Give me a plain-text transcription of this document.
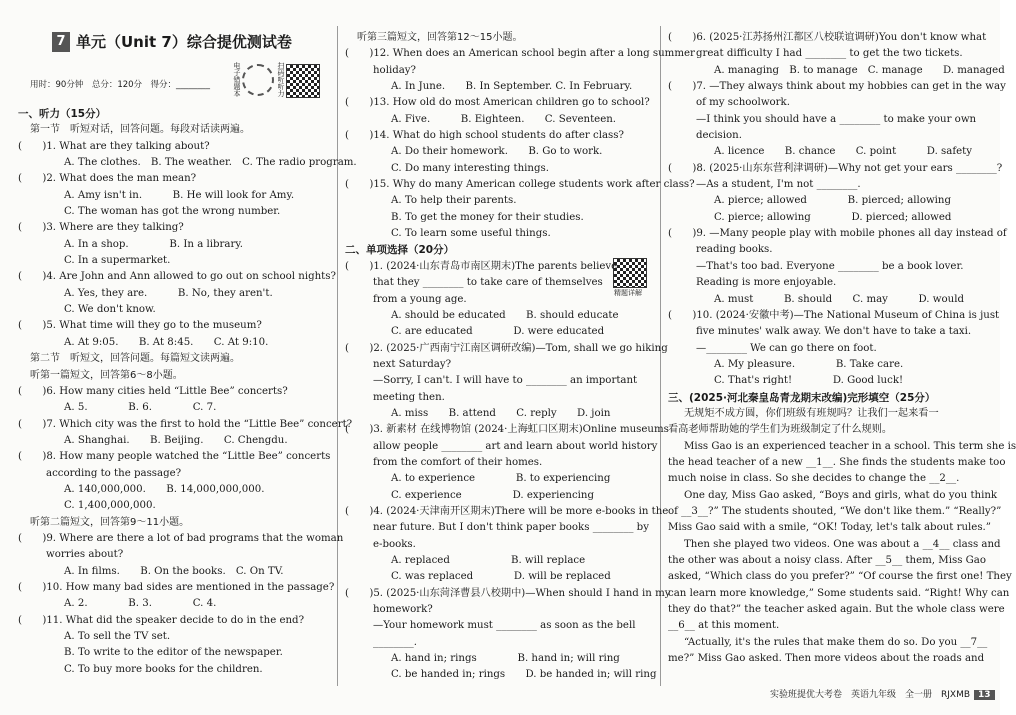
7 单元（Unit 7）综合提优测试卷
用时：90分钟　总分：120分　得分：________	电子错题本	扫码听听力
精题详解
一、听力（15分）
第一节　听短对话，回答问题。每段对话读两遍。
(　　)1. What are they talking about?
A. The clothes.　B. The weather.　C. The radio program.
(　　)2. What does the man mean?
A. Amy isn't in.　　　B. He will look for Amy.
C. The woman has got the wrong number.
(　　)3. Where are they talking?
A. In a shop.　　　　B. In a library.
C. In a supermarket.
(　　)4. Are John and Ann allowed to go out on school nights?
A. Yes, they are.　　　B. No, they aren't.
C. We don't know.
(　　)5. What time will they go to the museum?
A. At 9:05.　　B. At 8:45.　　C. At 9:10.
第二节　听短文，回答问题。每篇短文读两遍。
听第一篇短文，回答第6～8小题。
(　　)6. How many cities held “Little Bee” concerts?
A. 5.　　　　B. 6.　　　　C. 7.
(　　)7. Which city was the first to hold the “Little Bee” concert?
A. Shanghai.　　B. Beijing.　　C. Chengdu.
(　　)8. How many people watched the “Little Bee” concerts
according to the passage?
A. 140,000,000.　　B. 14,000,000,000.
C. 1,400,000,000.
听第二篇短文，回答第9～11小题。
(　　)9. Where are there a lot of bad programs that the woman
worries about?
A. In films.　　B. On the books.　C. On TV.
(　　)10. How many bad sides are mentioned in the passage?
A. 2.　　　　B. 3.　　　　C. 4.
(　　)11. What did the speaker decide to do in the end?
A. To sell the TV set.
B. To write to the editor of the newspaper.
C. To buy more books for the children.
听第三篇短文，回答第12～15小题。
(　　)12. When does an American school begin after a long summer
holiday?
A. In June.　　B. In September. C. In February.
(　　)13. How old do most American children go to school?
A. Five.　　　B. Eighteen.　　C. Seventeen.
(　　)14. What do high school students do after class?
A. Do their homework.　　B. Go to work.
C. Do many interesting things.
(　　)15. Why do many American college students work after class?
A. To help their parents.
B. To get the money for their studies.
C. To learn some useful things.
二、单项选择（20分）
(　　)1. (2024·山东青岛市南区期末)The parents believe
that they ________ to take care of themselves
from a young age.
A. should be educated　　B. should educate
C. are educated　　　　D. were educated
(　　)2. (2025·广西南宁江南区调研改编)—Tom, shall we go hiking
next Saturday?
—Sorry, I can't. I will have to ________ an important
meeting then.
A. miss　　B. attend　　C. reply　　D. join
(　　)3. 新素材 在线博物馆 (2024·上海虹口区期末)Online museums
allow people ________ art and learn about world history
from the comfort of their homes.
A. to experience　　　　B. to experiencing
C. experience　　　　　D. experiencing
(　　)4. (2024·天津南开区期末)There will be more e-books in the
near future. But I don't think paper books ________ by
e-books.
A. replaced　　　　　　B. will replace
C. was replaced　　　　D. will be replaced
(　　)5. (2025·山东菏泽曹县八校期中)—When should I hand in my
homework?
—Your homework must ________ as soon as the bell
________.
A. hand in; rings　　　　B. hand in; will ring
C. be handed in; rings　　D. be handed in; will ring
(　　)6. (2025·江苏扬州江都区八校联谊调研)You don't know what
great difficulty I had ________ to get the two tickets.
A. managing　B. to manage　C. manage　　D. managed
(　　)7. —They always think about my hobbies can get in the way
of my schoolwork.
—I think you should have a ________ to make your own
decision.
A. licence　　B. chance　　C. point　　　D. safety
(　　)8. (2025·山东东营利津调研)—Why not get your ears ________?
—As a student, I'm not ________.
A. pierce; allowed　　　　B. pierced; allowing
C. pierce; allowing　　　　D. pierced; allowed
(　　)9. —Many people play with mobile phones all day instead of
reading books.
—That's too bad. Everyone ________ be a book lover.
Reading is more enjoyable.
A. must　　　B. should　　C. may　　　D. would
(　　)10. (2024·安徽中考)—The National Museum of China is just
five minutes' walk away. We don't have to take a taxi.
—________ We can go there on foot.
A. My pleasure.　　　　B. Take care.
C. That's right!　　　　D. Good luck!
三、(2025·河北秦皇岛青龙期末改编)完形填空（25分）
无规矩不成方圆，你们班级有班规吗？让我们一起来看一
看高老师帮助她的学生们为班级制定了什么规则。
Miss Gao is an experienced teacher in a school. This term she is
the head teacher of a new __1__. She finds the students make too
much noise in class. So she decides to change the __2__.
One day, Miss Gao asked, “Boys and girls, what do you think
of __3__?” The students shouted, “We don't like them.” “Really?”
Miss Gao said with a smile, “OK! Today, let's talk about rules.”
Then she played two videos. One was about a __4__ class and
the other was about a noisy class. After __5__ them, Miss Gao
asked, “Which class do you prefer?” “Of course the first one! They
can learn more knowledge,” Some students said. “Right! Why can
they do that?” the teacher asked again. But the whole class were
__6__ at this moment.
“Actually, it's the rules that make them do so. Do you __7__
me?” Miss Gao asked. Then more videos about the roads and
实验班提优大考卷　英语九年级　全一册　RJXMB 13
